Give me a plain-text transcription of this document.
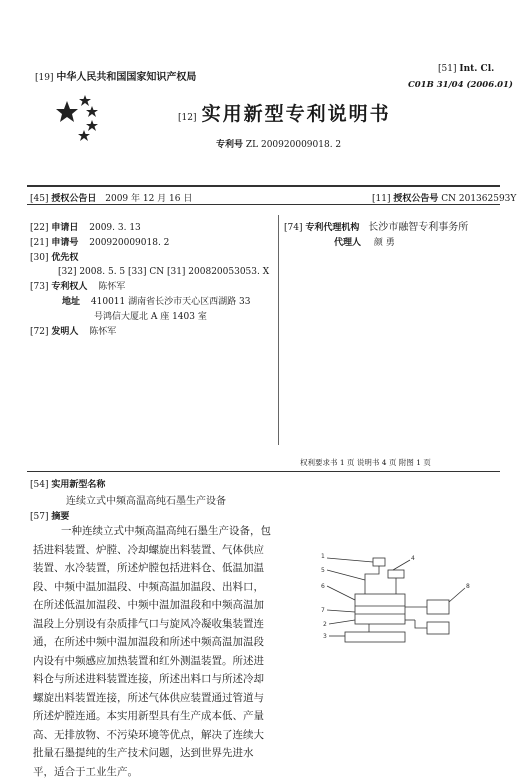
[19] 中华人民共和国国家知识产权局
[51] Int. Cl.
C01B 31/04 (2006.01)
[12] 实用新型专利说明书
专利号 ZL 200920009018. 2
[45] 授权公告日 2009 年 12 月 16 日	[11] 授权公告号 CN 201362593Y
[22] 申请日 2009. 3. 13
[21] 申请号 200920009018. 2
[30] 优先权
[32] 2008. 5. 5 [33] CN [31] 200820053053. X
[73] 专利权人 陈怀军
地址 410011 湖南省长沙市天心区西湖路 33
号鸿信大厦北 A 座 1403 室
[72] 发明人 陈怀军
[74] 专利代理机构 长沙市融智专利事务所
代理人 颜 勇
权利要求书 1 页 说明书 4 页 附图 1 页
[54] 实用新型名称
连续立式中频高温高纯石墨生产设备
[57] 摘要
一种连续立式中频高温高纯石墨生产设备，包
括进料装置、炉膛、冷却螺旋出料装置、气体供应
装置、水冷装置，所述炉膛包括进料仓、低温加温
段、中频中温加温段、中频高温加温段、出料口，
在所述低温加温段、中频中温加温段和中频高温加
温段上分别设有杂质排气口与旋风冷凝收集装置连
通，在所述中频中温加温段和所述中频高温加温段
内设有中频感应加热装置和红外测温装置。所述进
料仓与所述进料装置连接，所述出料口与所述冷却
螺旋出料装置连接，所述气体供应装置通过管道与
所述炉膛连通。本实用新型具有生产成本低、产量
高、无排放物、不污染环境等优点，解决了连续大
批量石墨提纯的生产技术问题，达到世界先进水
平，适合于工业生产。
1
5
6
7
2
3
4
8
